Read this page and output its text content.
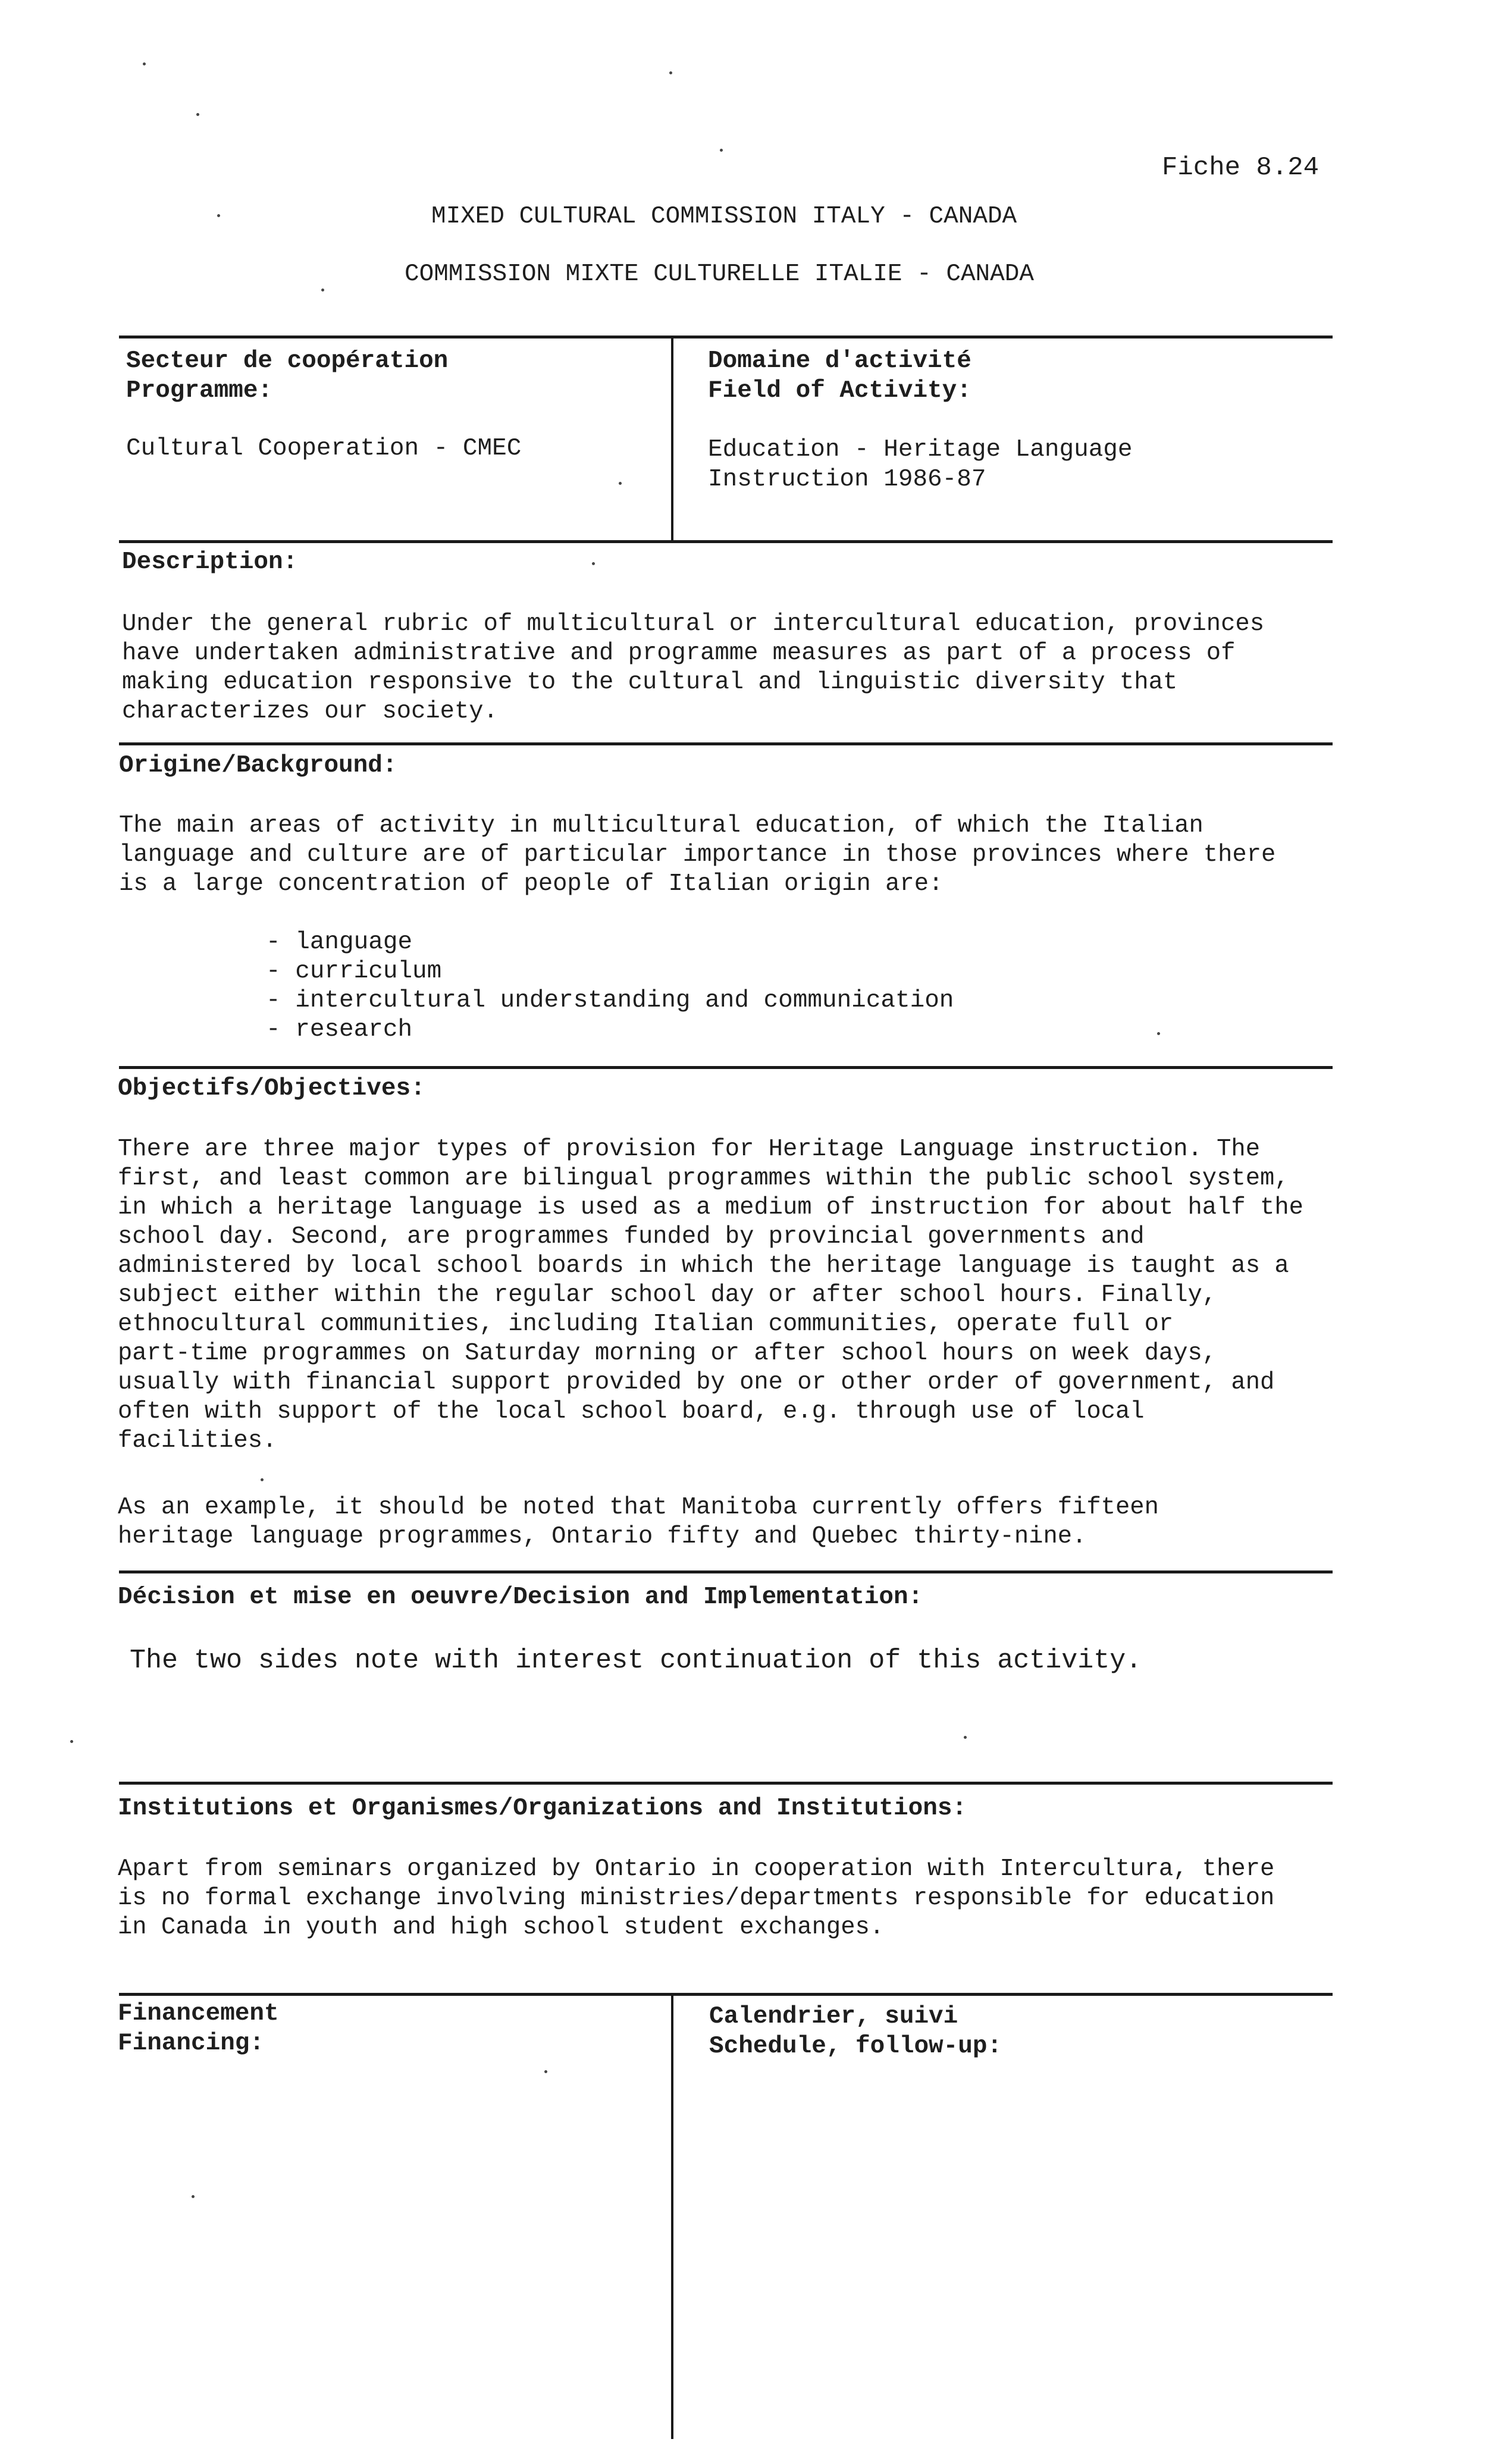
Fiche 8.24
MIXED CULTURAL COMMISSION ITALY - CANADA
COMMISSION MIXTE CULTURELLE ITALIE - CANADA
Secteur de coopération
Programme:
Cultural Cooperation - CMEC
Domaine d'activité
Field of Activity:
Education - Heritage Language
Instruction 1986-87
Description:
Under the general rubric of multicultural or intercultural education, provinces
have undertaken administrative and programme measures as part of a process of
making education responsive to the cultural and linguistic diversity that
characterizes our society.
Origine/Background:
The main areas of activity in multicultural education, of which the Italian
language and culture are of particular importance in those provinces where there
is a large concentration of people of Italian origin are:
- language
- curriculum
- intercultural understanding and communication
- research
Objectifs/Objectives:
There are three major types of provision for Heritage Language instruction. The
first, and least common are bilingual programmes within the public school system,
in which a heritage language is used as a medium of instruction for about half the
school day. Second, are programmes funded by provincial governments and
administered by local school boards in which the heritage language is taught as a
subject either within the regular school day or after school hours. Finally,
ethnocultural communities, including Italian communities, operate full or
part-time programmes on Saturday morning or after school hours on week days,
usually with financial support provided by one or other order of government, and
often with support of the local school board, e.g. through use of local
facilities.
As an example, it should be noted that Manitoba currently offers fifteen
heritage language programmes, Ontario fifty and Quebec thirty-nine.
Décision et mise en oeuvre/Decision and Implementation:
The two sides note with interest continuation of this activity.
Institutions et Organismes/Organizations and Institutions:
Apart from seminars organized by Ontario in cooperation with Interc​ultura, there
is no formal exchange involving ministries/departments responsible for education
in Canada in youth and high school student exchanges.
Financement
Financing:
Calendrier, suivi
Schedule, follow-up:
